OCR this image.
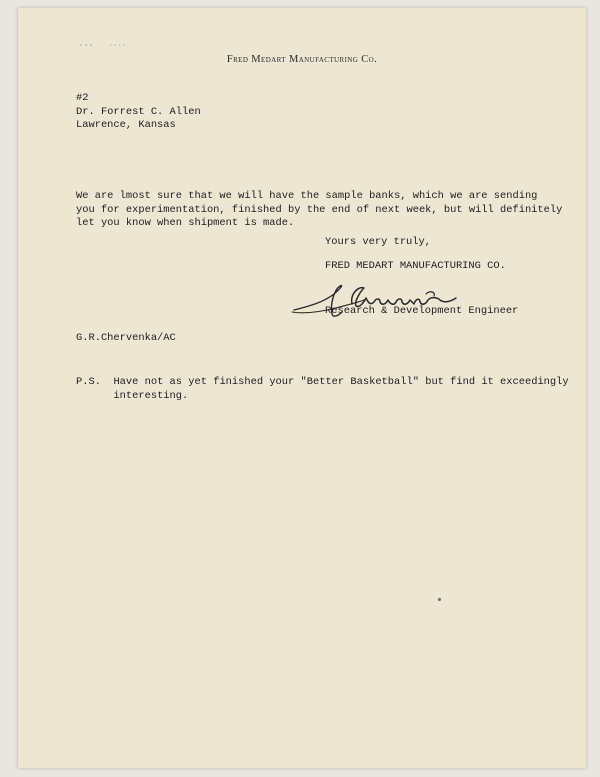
Fred Medart Manufacturing Co.
#2
Dr. Forrest C. Allen
Lawrence, Kansas
We are lmost sure that we will have the sample banks, which we are sending
you for experimentation, finished by the end of next week, but will definitely
let you know when shipment is made.
Yours very truly,
FRED MEDART MANUFACTURING CO.
Research & Development Engineer
G.R.Chervenka/AC
P.S. Have not as yet finished your "Better Basketball" but find it exceedingly
interesting.
